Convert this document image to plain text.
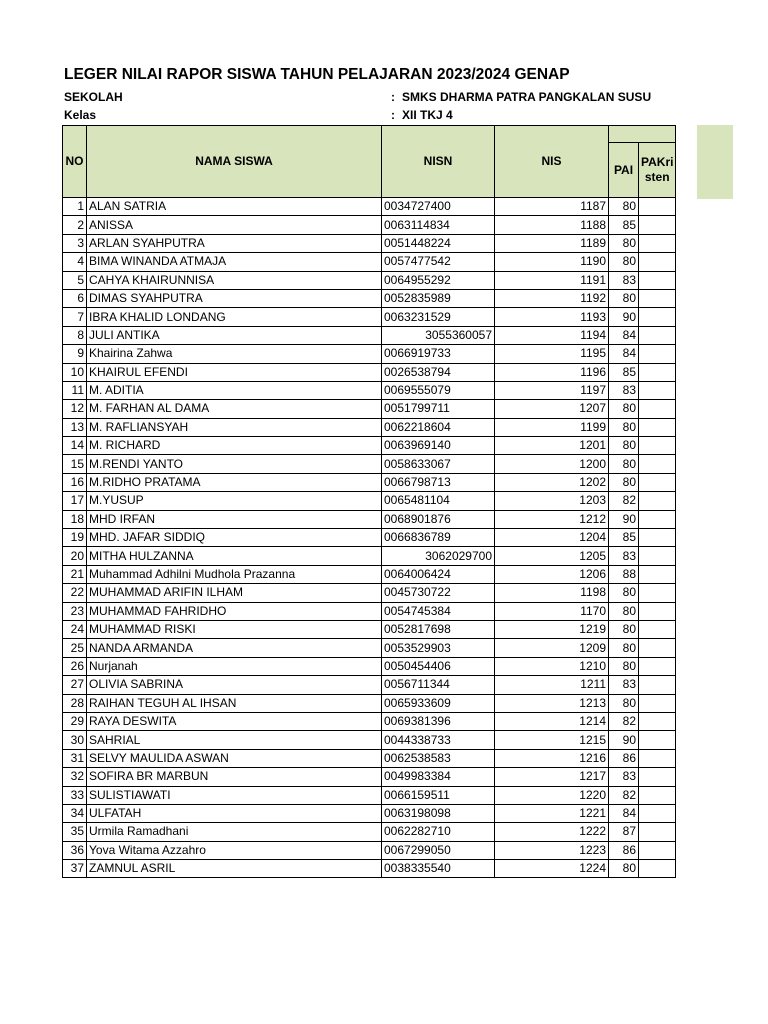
LEGER NILAI RAPOR SISWA TAHUN PELAJARAN 2023/2024 GENAP
SEKOLAH	: SMKS DHARMA PATRA PANGKALAN SUSU
Kelas	: XII TKJ 4
NO	NAMA SISWA	NISN	NIS		
				PAI	PAKri
sten
1	ALAN SATRIA	0034727400	1187	80	
2	ANISSA	0063114834	1188	85	
3	ARLAN SYAHPUTRA	0051448224	1189	80	
4	BIMA WINANDA ATMAJA	0057477542	1190	80	
5	CAHYA KHAIRUNNISA	0064955292	1191	83	
6	DIMAS SYAHPUTRA	0052835989	1192	80	
7	IBRA KHALID LONDANG	0063231529	1193	90	
8	JULI ANTIKA	3055360057	1194	84	
9	Khairina Zahwa	0066919733	1195	84	
10	KHAIRUL EFENDI	0026538794	1196	85	
11	M. ADITIA	0069555079	1197	83	
12	M. FARHAN AL DAMA	0051799711	1207	80	
13	M. RAFLIANSYAH	0062218604	1199	80	
14	M. RICHARD	0063969140	1201	80	
15	M.RENDI YANTO	0058633067	1200	80	
16	M.RIDHO PRATAMA	0066798713	1202	80	
17	M.YUSUP	0065481104	1203	82	
18	MHD IRFAN	0068901876	1212	90	
19	MHD. JAFAR SIDDIQ	0066836789	1204	85	
20	MITHA HULZANNA	3062029700	1205	83	
21	Muhammad Adhilni Mudhola Prazanna	0064006424	1206	88	
22	MUHAMMAD ARIFIN ILHAM	0045730722	1198	80	
23	MUHAMMAD FAHRIDHO	0054745384	1170	80	
24	MUHAMMAD RISKI	0052817698	1219	80	
25	NANDA ARMANDA	0053529903	1209	80	
26	Nurjanah	0050454406	1210	80	
27	OLIVIA SABRINA	0056711344	1211	83	
28	RAIHAN TEGUH AL IHSAN	0065933609	1213	80	
29	RAYA DESWITA	0069381396	1214	82	
30	SAHRIAL	0044338733	1215	90	
31	SELVY MAULIDA ASWAN	0062538583	1216	86	
32	SOFIRA BR MARBUN	0049983384	1217	83	
33	SULISTIAWATI	0066159511	1220	82	
34	ULFATAH	0063198098	1221	84	
35	Urmila Ramadhani	0062282710	1222	87	
36	Yova Witama Azzahro	0067299050	1223	86	
37	ZAMNUL ASRIL	0038335540	1224	80	
